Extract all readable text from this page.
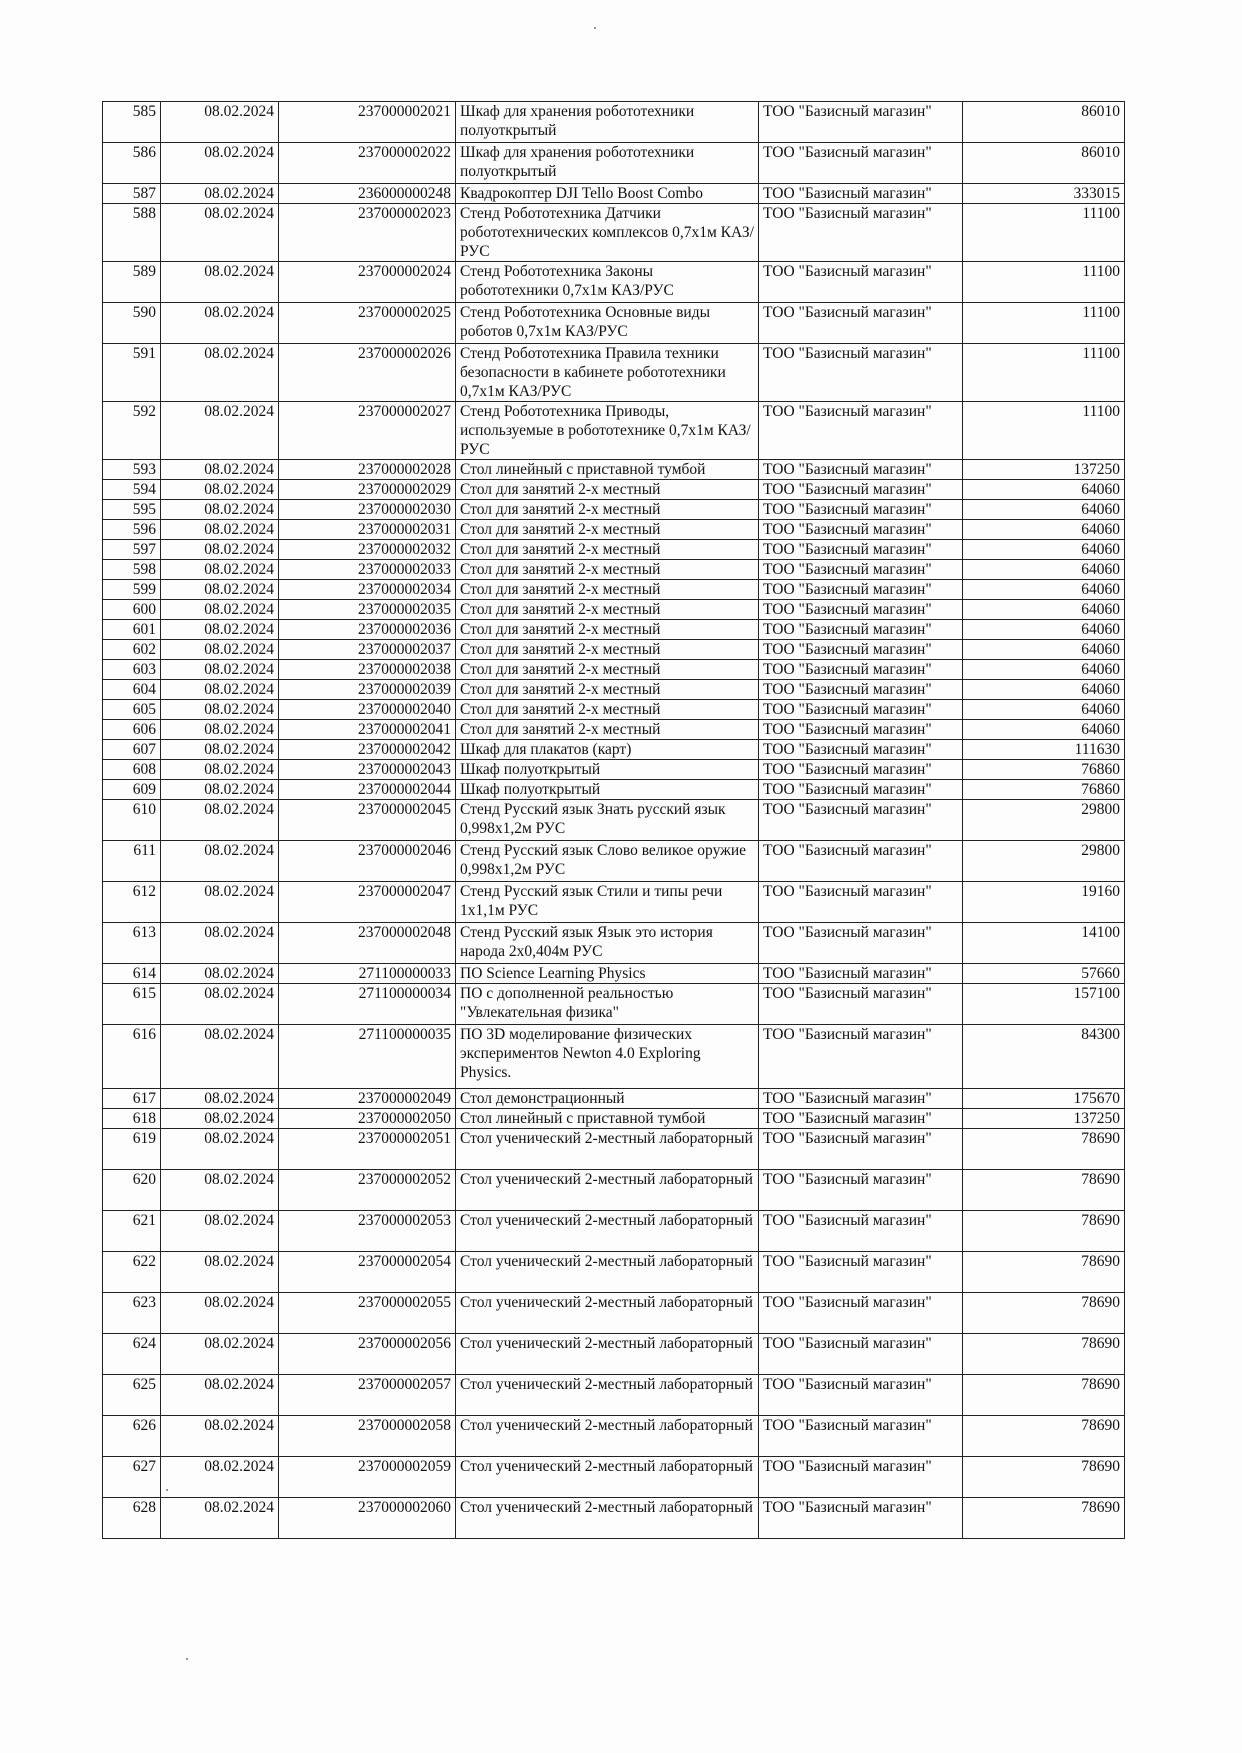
585	08.02.2024	237000002021	Шкаф для хранения робототехники полуоткрытый	ТОО "Базисный магазин"	86010
586	08.02.2024	237000002022	Шкаф для хранения робототехники полуоткрытый	ТОО "Базисный магазин"	86010
587	08.02.2024	236000000248	Квадрокоптер DJI Tello Boost Combo	ТОО "Базисный магазин"	333015
588	08.02.2024	237000002023	Стенд Робототехника Датчики робототехнических комплексов 0,7х1м КАЗ/РУС	ТОО "Базисный магазин"	11100
589	08.02.2024	237000002024	Стенд Робототехника Законы робототехники 0,7х1м КАЗ/РУС	ТОО "Базисный магазин"	11100
590	08.02.2024	237000002025	Стенд Робототехника Основные виды роботов 0,7х1м КАЗ/РУС	ТОО "Базисный магазин"	11100
591	08.02.2024	237000002026	Стенд Робототехника Правила техники безопасности в кабинете робототехники 0,7х1м КАЗ/РУС	ТОО "Базисный магазин"	11100
592	08.02.2024	237000002027	Стенд Робототехника Приводы, используемые в робототехнике 0,7х1м КАЗ/РУС	ТОО "Базисный магазин"	11100
593	08.02.2024	237000002028	Стол линейный с приставной тумбой	ТОО "Базисный магазин"	137250
594	08.02.2024	237000002029	Стол для занятий 2-х местный	ТОО "Базисный магазин"	64060
595	08.02.2024	237000002030	Стол для занятий 2-х местный	ТОО "Базисный магазин"	64060
596	08.02.2024	237000002031	Стол для занятий 2-х местный	ТОО "Базисный магазин"	64060
597	08.02.2024	237000002032	Стол для занятий 2-х местный	ТОО "Базисный магазин"	64060
598	08.02.2024	237000002033	Стол для занятий 2-х местный	ТОО "Базисный магазин"	64060
599	08.02.2024	237000002034	Стол для занятий 2-х местный	ТОО "Базисный магазин"	64060
600	08.02.2024	237000002035	Стол для занятий 2-х местный	ТОО "Базисный магазин"	64060
601	08.02.2024	237000002036	Стол для занятий 2-х местный	ТОО "Базисный магазин"	64060
602	08.02.2024	237000002037	Стол для занятий 2-х местный	ТОО "Базисный магазин"	64060
603	08.02.2024	237000002038	Стол для занятий 2-х местный	ТОО "Базисный магазин"	64060
604	08.02.2024	237000002039	Стол для занятий 2-х местный	ТОО "Базисный магазин"	64060
605	08.02.2024	237000002040	Стол для занятий 2-х местный	ТОО "Базисный магазин"	64060
606	08.02.2024	237000002041	Стол для занятий 2-х местный	ТОО "Базисный магазин"	64060
607	08.02.2024	237000002042	Шкаф для плакатов (карт)	ТОО "Базисный магазин"	111630
608	08.02.2024	237000002043	Шкаф полуоткрытый	ТОО "Базисный магазин"	76860
609	08.02.2024	237000002044	Шкаф полуоткрытый	ТОО "Базисный магазин"	76860
610	08.02.2024	237000002045	Стенд Русский язык Знать русский язык 0,998х1,2м РУС	ТОО "Базисный магазин"	29800
611	08.02.2024	237000002046	Стенд Русский язык Слово великое оружие 0,998х1,2м РУС	ТОО "Базисный магазин"	29800
612	08.02.2024	237000002047	Стенд Русский язык Стили и типы речи 1х1,1м РУС	ТОО "Базисный магазин"	19160
613	08.02.2024	237000002048	Стенд Русский язык Язык это история народа 2х0,404м РУС	ТОО "Базисный магазин"	14100
614	08.02.2024	271100000033	ПО Science Learning Physics	ТОО "Базисный магазин"	57660
615	08.02.2024	271100000034	ПО с дополненной реальностью "Увлекательная физика"	ТОО "Базисный магазин"	157100
616	08.02.2024	271100000035	ПО 3D моделирование физических экспериментов Newton 4.0 Exploring Physics.	ТОО "Базисный магазин"	84300
617	08.02.2024	237000002049	Стол демонстрационный	ТОО "Базисный магазин"	175670
618	08.02.2024	237000002050	Стол линейный с приставной тумбой	ТОО "Базисный магазин"	137250
619	08.02.2024	237000002051	Стол ученический 2-местный лабораторный	ТОО "Базисный магазин"	78690
620	08.02.2024	237000002052	Стол ученический 2-местный лабораторный	ТОО "Базисный магазин"	78690
621	08.02.2024	237000002053	Стол ученический 2-местный лабораторный	ТОО "Базисный магазин"	78690
622	08.02.2024	237000002054	Стол ученический 2-местный лабораторный	ТОО "Базисный магазин"	78690
623	08.02.2024	237000002055	Стол ученический 2-местный лабораторный	ТОО "Базисный магазин"	78690
624	08.02.2024	237000002056	Стол ученический 2-местный лабораторный	ТОО "Базисный магазин"	78690
625	08.02.2024	237000002057	Стол ученический 2-местный лабораторный	ТОО "Базисный магазин"	78690
626	08.02.2024	237000002058	Стол ученический 2-местный лабораторный	ТОО "Базисный магазин"	78690
627	08.02.2024	237000002059	Стол ученический 2-местный лабораторный	ТОО "Базисный магазин"	78690
628	08.02.2024	237000002060	Стол ученический 2-местный лабораторный	ТОО "Базисный магазин"	78690
